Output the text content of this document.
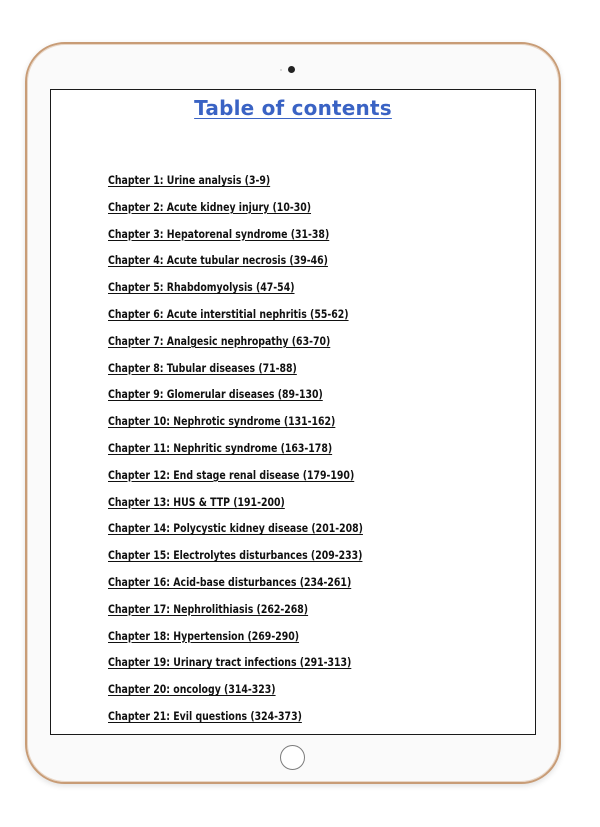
Table of contents
Chapter 1: Urine analysis (3-9)
Chapter 2: Acute kidney injury (10-30)
Chapter 3: Hepatorenal syndrome (31-38)
Chapter 4: Acute tubular necrosis (39-46)
Chapter 5: Rhabdomyolysis (47-54)
Chapter 6: Acute interstitial nephritis (55-62)
Chapter 7: Analgesic nephropathy (63-70)
Chapter 8: Tubular diseases (71-88)
Chapter 9: Glomerular diseases (89-130)
Chapter 10: Nephrotic syndrome (131-162)
Chapter 11: Nephritic syndrome (163-178)
Chapter 12: End stage renal disease (179-190)
Chapter 13: HUS & TTP (191-200)
Chapter 14: Polycystic kidney disease (201-208)
Chapter 15: Electrolytes disturbances (209-233)
Chapter 16: Acid-base disturbances (234-261)
Chapter 17: Nephrolithiasis (262-268)
Chapter 18: Hypertension (269-290)
Chapter 19: Urinary tract infections (291-313)
Chapter 20: oncology (314-323)
Chapter 21: Evil questions (324-373)
